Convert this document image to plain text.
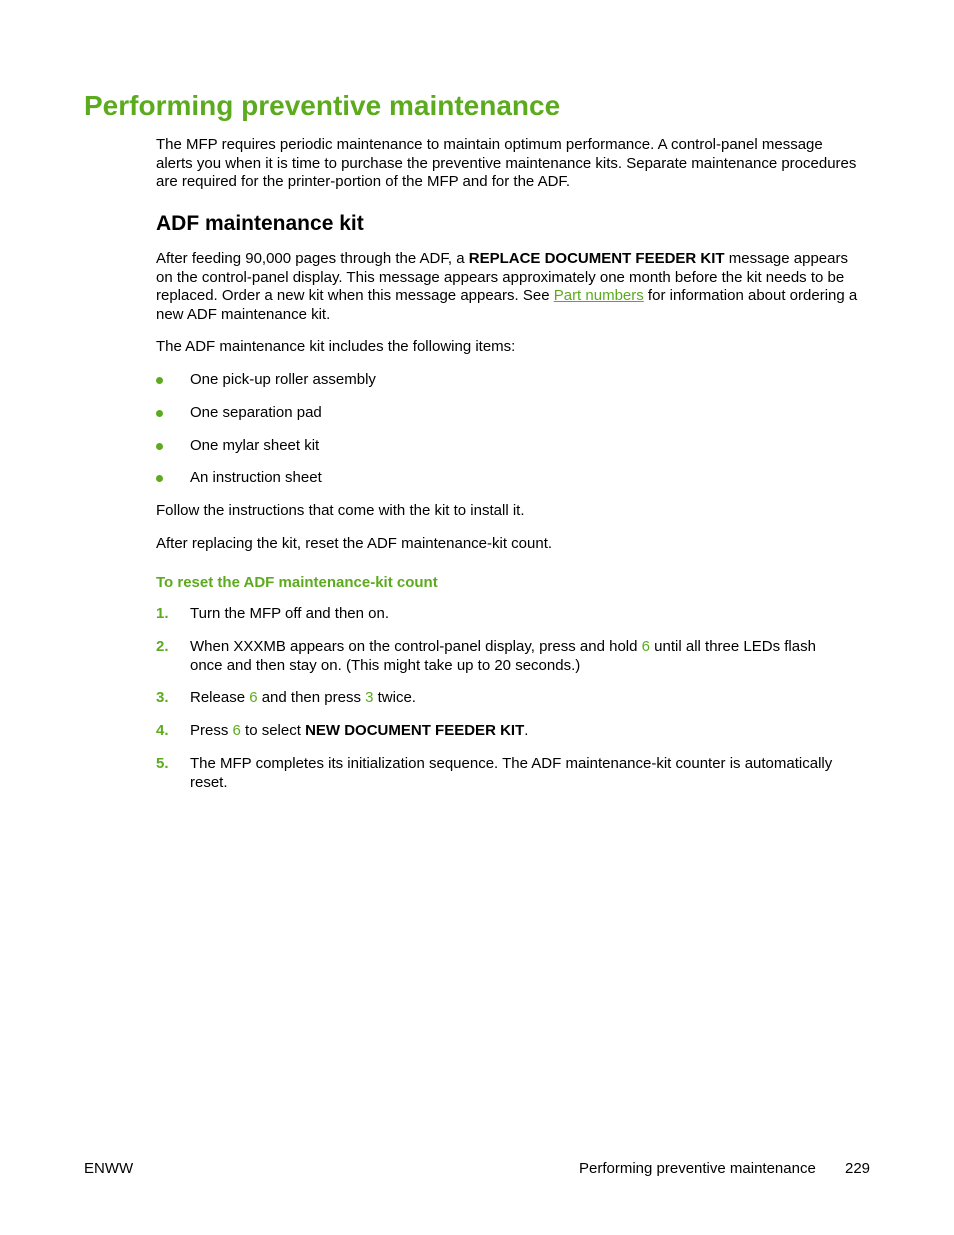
Performing preventive maintenance

The MFP requires periodic maintenance to maintain optimum performance. A control-panel message alerts you when it is time to purchase the preventive maintenance kits. Separate maintenance procedures are required for the printer-portion of the MFP and for the ADF.

ADF maintenance kit

After feeding 90,000 pages through the ADF, a REPLACE DOCUMENT FEEDER KIT message appears on the control-panel display. This message appears approximately one month before the kit needs to be replaced. Order a new kit when this message appears. See Part numbers for information about ordering a new ADF maintenance kit.

The ADF maintenance kit includes the following items:

One pick-up roller assembly
One separation pad
One mylar sheet kit
An instruction sheet

Follow the instructions that come with the kit to install it.

After replacing the kit, reset the ADF maintenance-kit count.

To reset the ADF maintenance-kit count
1. Turn the MFP off and then on.
2. When XXXMB appears on the control-panel display, press and hold 6 until all three LEDs flash once and then stay on. (This might take up to 20 seconds.)
3. Release 6 and then press 3 twice.
4. Press 6 to select NEW DOCUMENT FEEDER KIT.
5. The MFP completes its initialization sequence. The ADF maintenance-kit counter is automatically reset.
ENWW	Performing preventive maintenance 229
